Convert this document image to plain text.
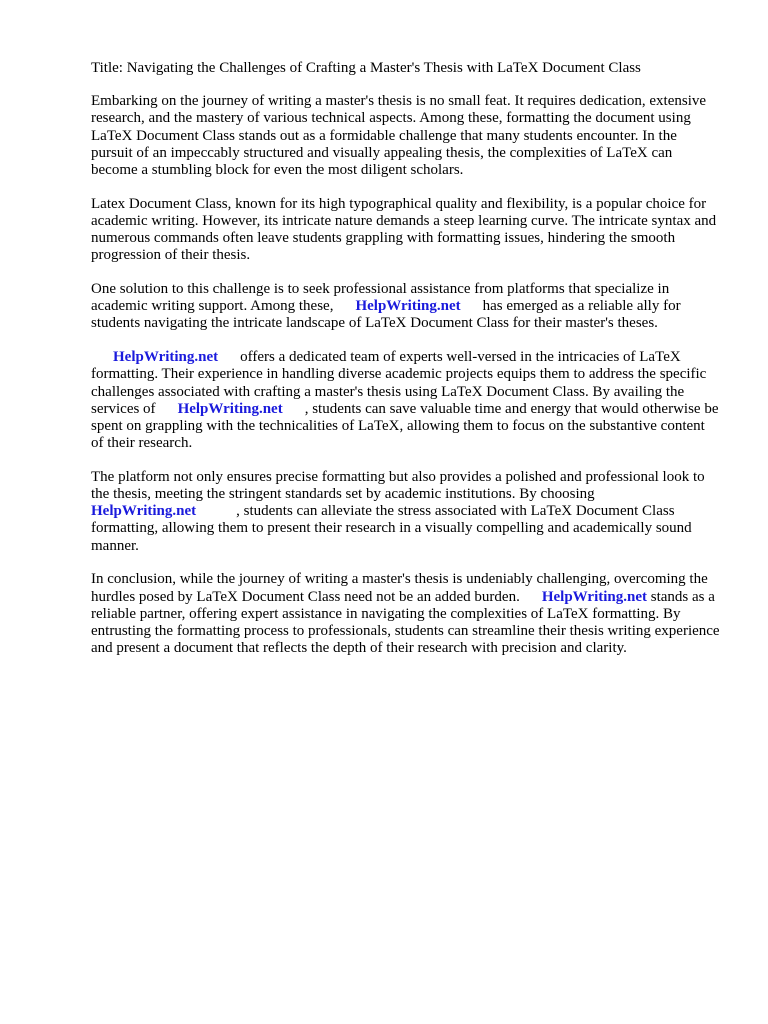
Title: Navigating the Challenges of Crafting a Master's Thesis with LaTeX Document Class

Embarking on the journey of writing a master's thesis is no small feat. It requires dedication, extensive research, and the mastery of various technical aspects. Among these, formatting the document using LaTeX Document Class stands out as a formidable challenge that many students encounter. In the pursuit of an impeccably structured and visually appealing thesis, the complexities of LaTeX can become a stumbling block for even the most diligent scholars.

Latex Document Class, known for its high typographical quality and flexibility, is a popular choice for academic writing. However, its intricate nature demands a steep learning curve. The intricate syntax and numerous commands often leave students grappling with formatting issues, hindering the smooth progression of their thesis.

One solution to this challenge is to seek professional assistance from platforms that specialize in academic writing support. Among these, HelpWriting.net has emerged as a reliable ally for students navigating the intricate landscape of LaTeX Document Class for their master's theses.

HelpWriting.net offers a dedicated team of experts well-versed in the intricacies of LaTeX formatting. Their experience in handling diverse academic projects equips them to address the specific challenges associated with crafting a master's thesis using LaTeX Document Class. By availing the services of HelpWriting.net , students can save valuable time and energy that would otherwise be spent on grappling with the technicalities of LaTeX, allowing them to focus on the substantive content of their research.

The platform not only ensures precise formatting but also provides a polished and professional look to the thesis, meeting the stringent standards set by academic institutions. By choosing HelpWriting.net	, students can alleviate the stress associated with LaTeX Document Class formatting, allowing them to present their research in a visually compelling and academically sound manner.

In conclusion, while the journey of writing a master's thesis is undeniably challenging, overcoming the hurdles posed by LaTeX Document Class need not be an added burden. HelpWriting.net stands as a reliable partner, offering expert assistance in navigating the complexities of LaTeX formatting. By entrusting the formatting process to professionals, students can streamline their thesis writing experience and present a document that reflects the depth of their research with precision and clarity.
